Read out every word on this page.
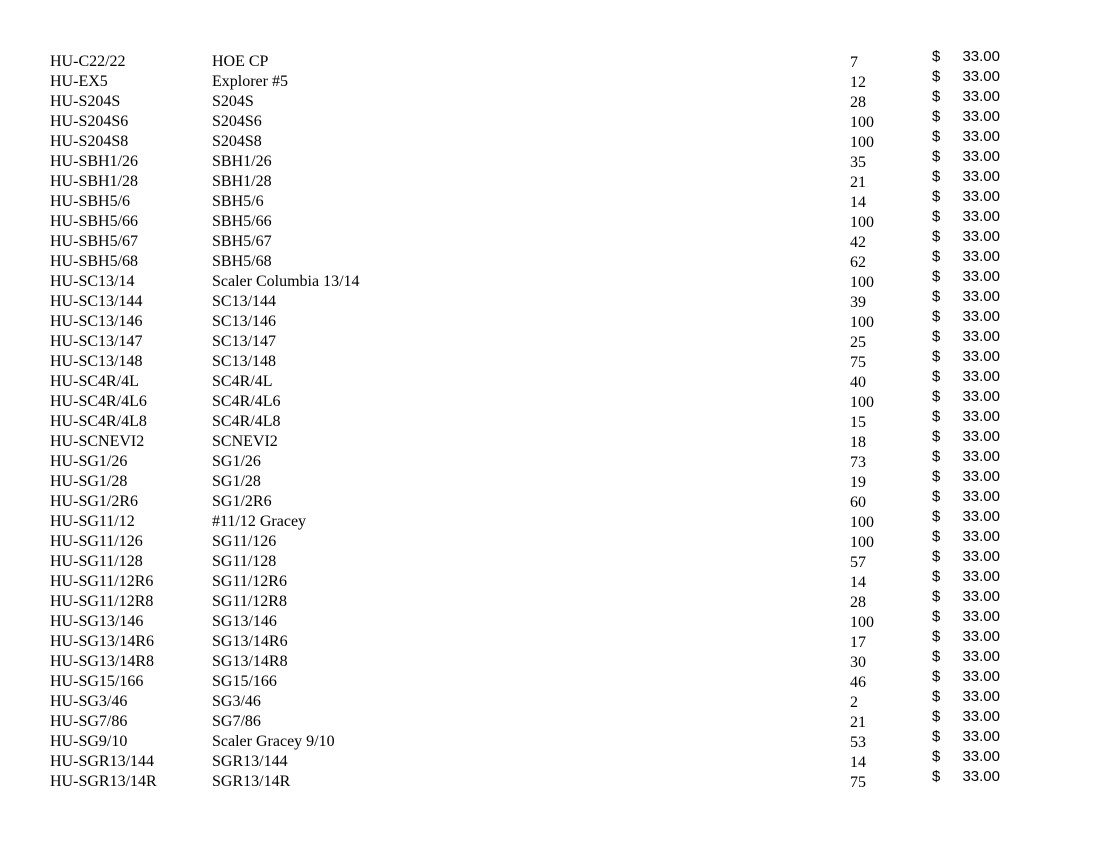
HU-C22/22	HOE CP	7	$	33.00
HU-EX5	Explorer #5	12	$	33.00
HU-S204S	S204S	28	$	33.00
HU-S204S6	S204S6	100	$	33.00
HU-S204S8	S204S8	100	$	33.00
HU-SBH1/26	SBH1/26	35	$	33.00
HU-SBH1/28	SBH1/28	21	$	33.00
HU-SBH5/6	SBH5/6	14	$	33.00
HU-SBH5/66	SBH5/66	100	$	33.00
HU-SBH5/67	SBH5/67	42	$	33.00
HU-SBH5/68	SBH5/68	62	$	33.00
HU-SC13/14	Scaler Columbia 13/14	100	$	33.00
HU-SC13/144	SC13/144	39	$	33.00
HU-SC13/146	SC13/146	100	$	33.00
HU-SC13/147	SC13/147	25	$	33.00
HU-SC13/148	SC13/148	75	$	33.00
HU-SC4R/4L	SC4R/4L	40	$	33.00
HU-SC4R/4L6	SC4R/4L6	100	$	33.00
HU-SC4R/4L8	SC4R/4L8	15	$	33.00
HU-SCNEVI2	SCNEVI2	18	$	33.00
HU-SG1/26	SG1/26	73	$	33.00
HU-SG1/28	SG1/28	19	$	33.00
HU-SG1/2R6	SG1/2R6	60	$	33.00
HU-SG11/12	#11/12 Gracey	100	$	33.00
HU-SG11/126	SG11/126	100	$	33.00
HU-SG11/128	SG11/128	57	$	33.00
HU-SG11/12R6	SG11/12R6	14	$	33.00
HU-SG11/12R8	SG11/12R8	28	$	33.00
HU-SG13/146	SG13/146	100	$	33.00
HU-SG13/14R6	SG13/14R6	17	$	33.00
HU-SG13/14R8	SG13/14R8	30	$	33.00
HU-SG15/166	SG15/166	46	$	33.00
HU-SG3/46	SG3/46	2	$	33.00
HU-SG7/86	SG7/86	21	$	33.00
HU-SG9/10	Scaler Gracey 9/10	53	$	33.00
HU-SGR13/144	SGR13/144	14	$	33.00
HU-SGR13/14R	SGR13/14R	75	$	33.00
